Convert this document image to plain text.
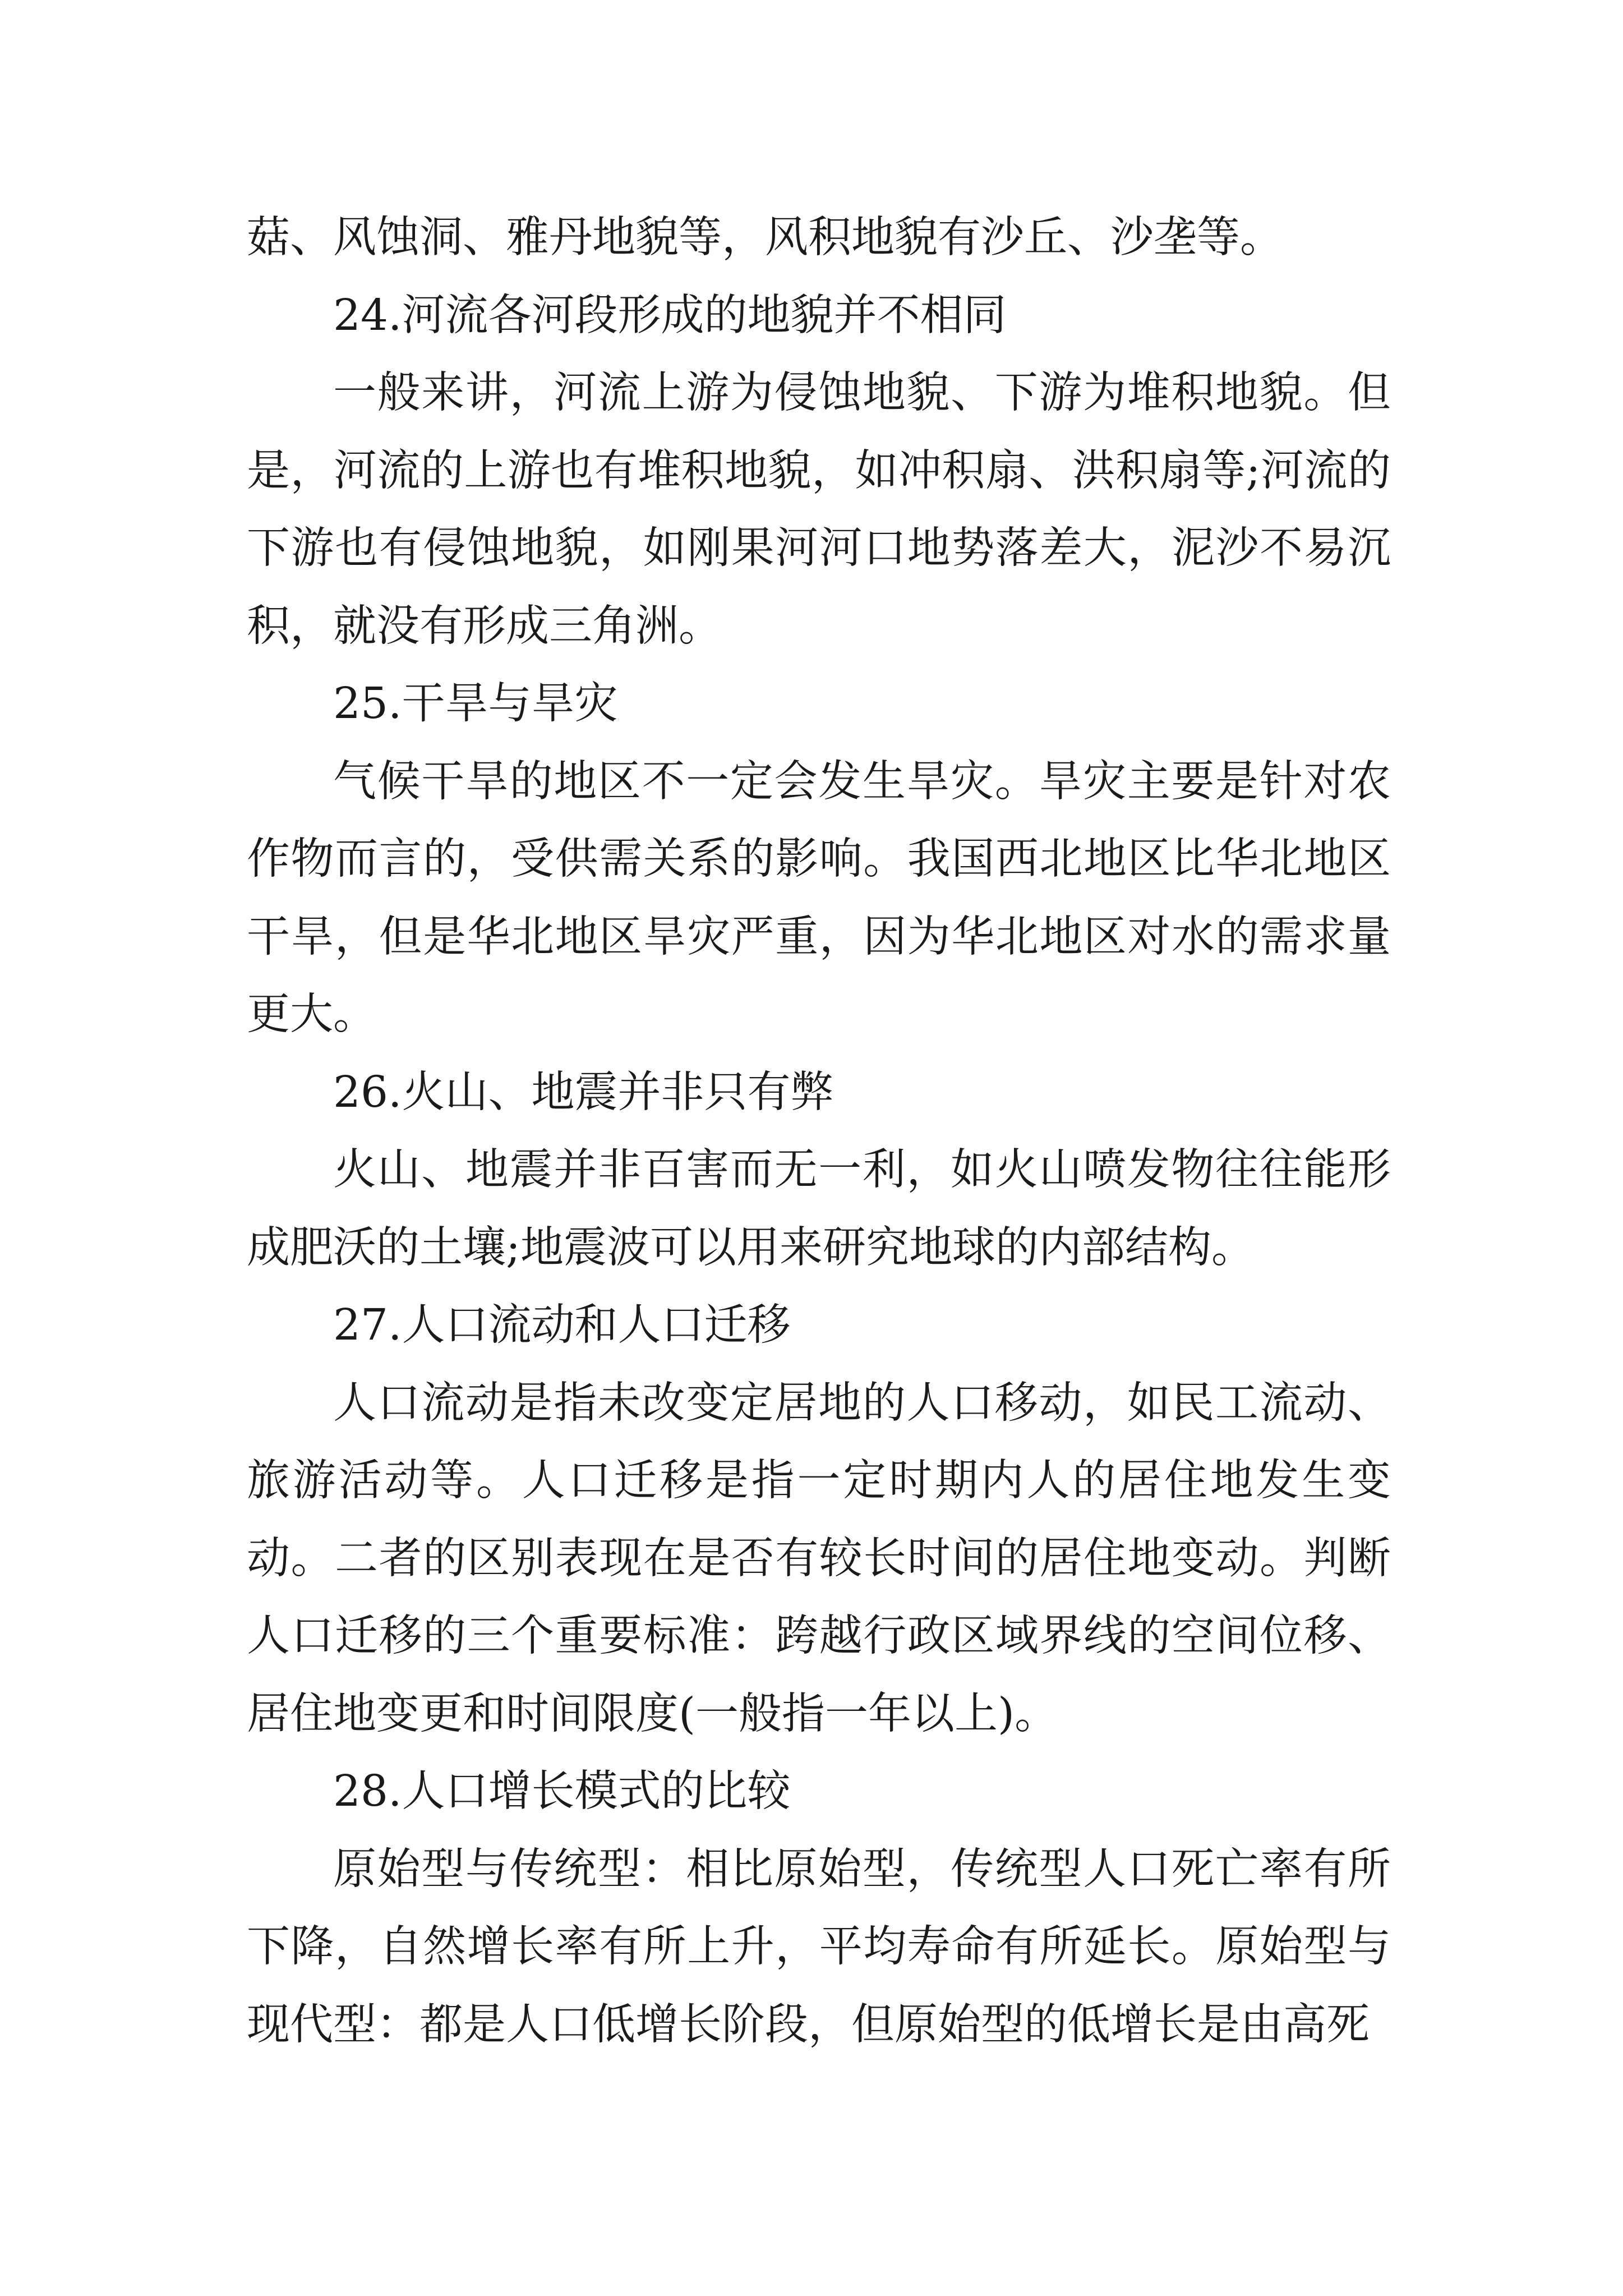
菇、风蚀洞、雅丹地貌等，风积地貌有沙丘、沙垄等。

24.河流各河段形成的地貌并不相同

一般来讲，河流上游为侵蚀地貌、下游为堆积地貌。但是，河流的上游也有堆积地貌，如冲积扇、洪积扇等;河流的下游也有侵蚀地貌，如刚果河河口地势落差大，泥沙不易沉积，就没有形成三角洲。

25.干旱与旱灾

气候干旱的地区不一定会发生旱灾。旱灾主要是针对农作物而言的，受供需关系的影响。我国西北地区比华北地区干旱，但是华北地区旱灾严重，因为华北地区对水的需求量更大。

26.火山、地震并非只有弊

火山、地震并非百害而无一利，如火山喷发物往往能形成肥沃的土壤;地震波可以用来研究地球的内部结构。

27.人口流动和人口迁移

人口流动是指未改变定居地的人口移动，如民工流动、旅游活动等。人口迁移是指一定时期内人的居住地发生变动。二者的区别表现在是否有较长时间的居住地变动。判断人口迁移的三个重要标准：跨越行政区域界线的空间位移、居住地变更和时间限度(一般指一年以上)。

28.人口增长模式的比较

原始型与传统型：相比原始型，传统型人口死亡率有所下降，自然增长率有所上升，平均寿命有所延长。原始型与现代型：都是人口低增长阶段，但原始型的低增长是由高死
